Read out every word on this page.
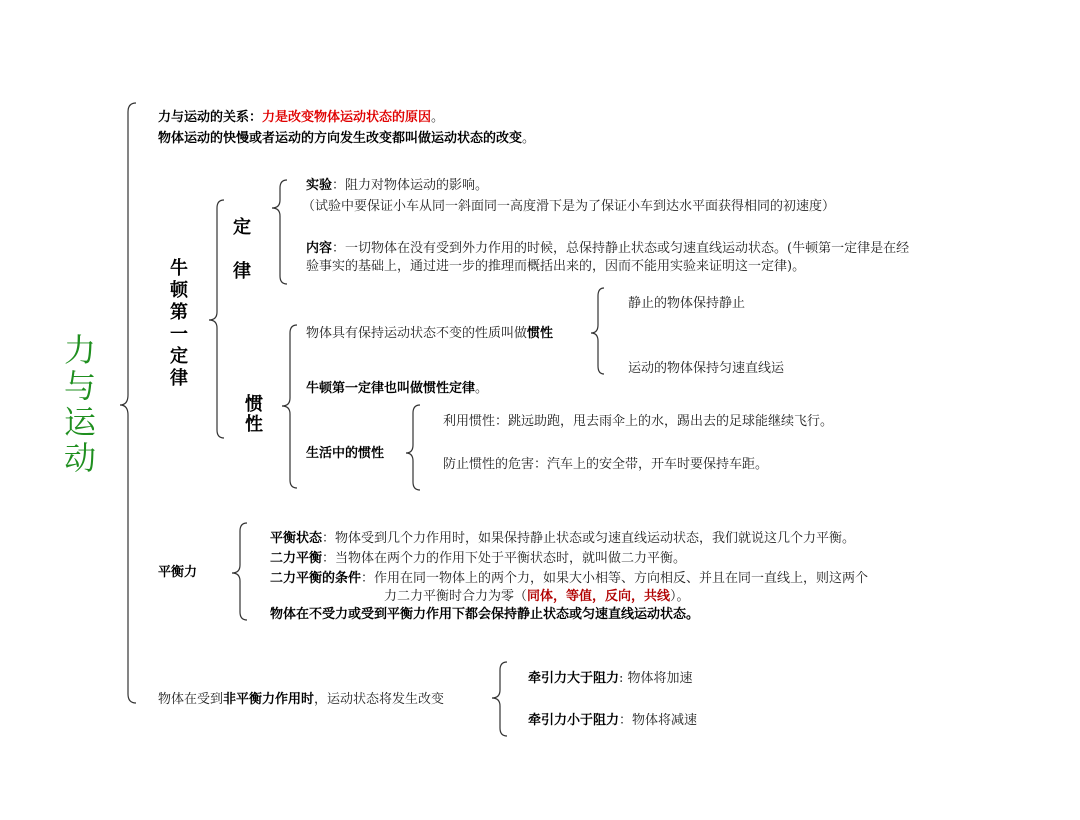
力与运动
力与运动的关系：力是改变物体运动状态的原因。
物体运动的快慢或者运动的方向发生改变都叫做运动状态的改变。
牛
顿
第
一
定
律
定
律
惯
性
实验：阻力对物体运动的影响。
（试验中要保证小车从同一斜面同一高度滑下是为了保证小车到达水平面获得相同的初速度）
内容：一切物体在没有受到外力作用的时候，总保持静止状态或匀速直线运动状态。(牛顿第一定律是在经
验事实的基础上，通过进一步的推理而概括出来的，因而不能用实验来证明这一定律)。
静止的物体保持静止
物体具有保持运动状态不变的性质叫做惯性
运动的物体保持匀速直线运
牛顿第一定律也叫做惯性定律。
利用惯性：跳远助跑，甩去雨伞上的水，踢出去的足球能继续飞行。
生活中的惯性
防止惯性的危害：汽车上的安全带，开车时要保持车距。
平衡状态：物体受到几个力作用时，如果保持静止状态或匀速直线运动状态，我们就说这几个力平衡。
二力平衡：当物体在两个力的作用下处于平衡状态时，就叫做二力平衡。
平衡力	二力平衡的条件：作用在同一物体上的两个力，如果大小相等、方向相反、并且在同一直线上，则这两个
力二力平衡时合力为零（同体，等值，反向，共线）。
物体在不受力或受到平衡力作用下都会保持静止状态或匀速直线运动状态。
牵引力大于阻力: 物体将加速
物体在受到非平衡力作用时，运动状态将发生改变
牵引力小于阻力：物体将减速
